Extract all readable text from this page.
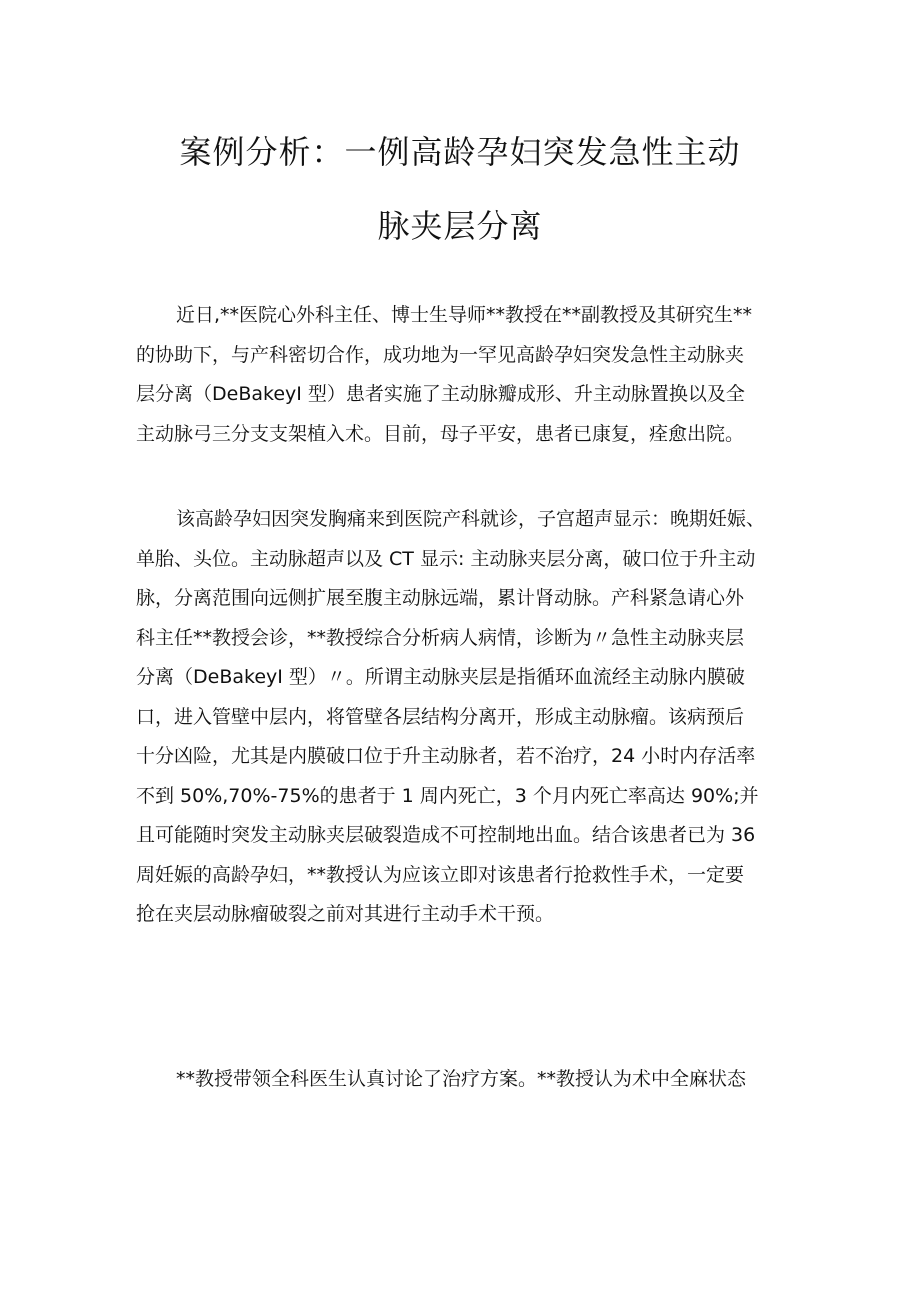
案例分析：一例高龄孕妇突发急性主动
脉夹层分离
近日,**医院心外科主任、博士生导师**教授在**副教授及其研究生**
的协助下，与产科密切合作，成功地为一罕见高龄孕妇突发急性主动脉夹
层分离（DeBakeyI 型）患者实施了主动脉瓣成形、升主动脉置换以及全
主动脉弓三分支支架植入术。目前，母子平安，患者已康复，痊愈出院。
该高龄孕妇因突发胸痛来到医院产科就诊，子宫超声显示：晚期妊娠、
单胎、头位。主动脉超声以及 CT 显示: 主动脉夹层分离，破口位于升主动
脉，分离范围向远侧扩展至腹主动脉远端，累计肾动脉。产科紧急请心外
科主任**教授会诊，**教授综合分析病人病情，诊断为〃急性主动脉夹层
分离（DeBakeyI 型）〃。所谓主动脉夹层是指循环血流经主动脉内膜破
口，进入管壁中层内，将管壁各层结构分离开，形成主动脉瘤。该病预后
十分凶险，尤其是内膜破口位于升主动脉者，若不治疗，24 小时内存活率
不到 50%,70%-75%的患者于 1 周内死亡，3 个月内死亡率高达 90%;并
且可能随时突发主动脉夹层破裂造成不可控制地出血。结合该患者已为 36
周妊娠的高龄孕妇，**教授认为应该立即对该患者行抢救性手术，一定要
抢在夹层动脉瘤破裂之前对其进行主动手术干预。
**教授带领全科医生认真讨论了治疗方案。**教授认为术中全麻状态
